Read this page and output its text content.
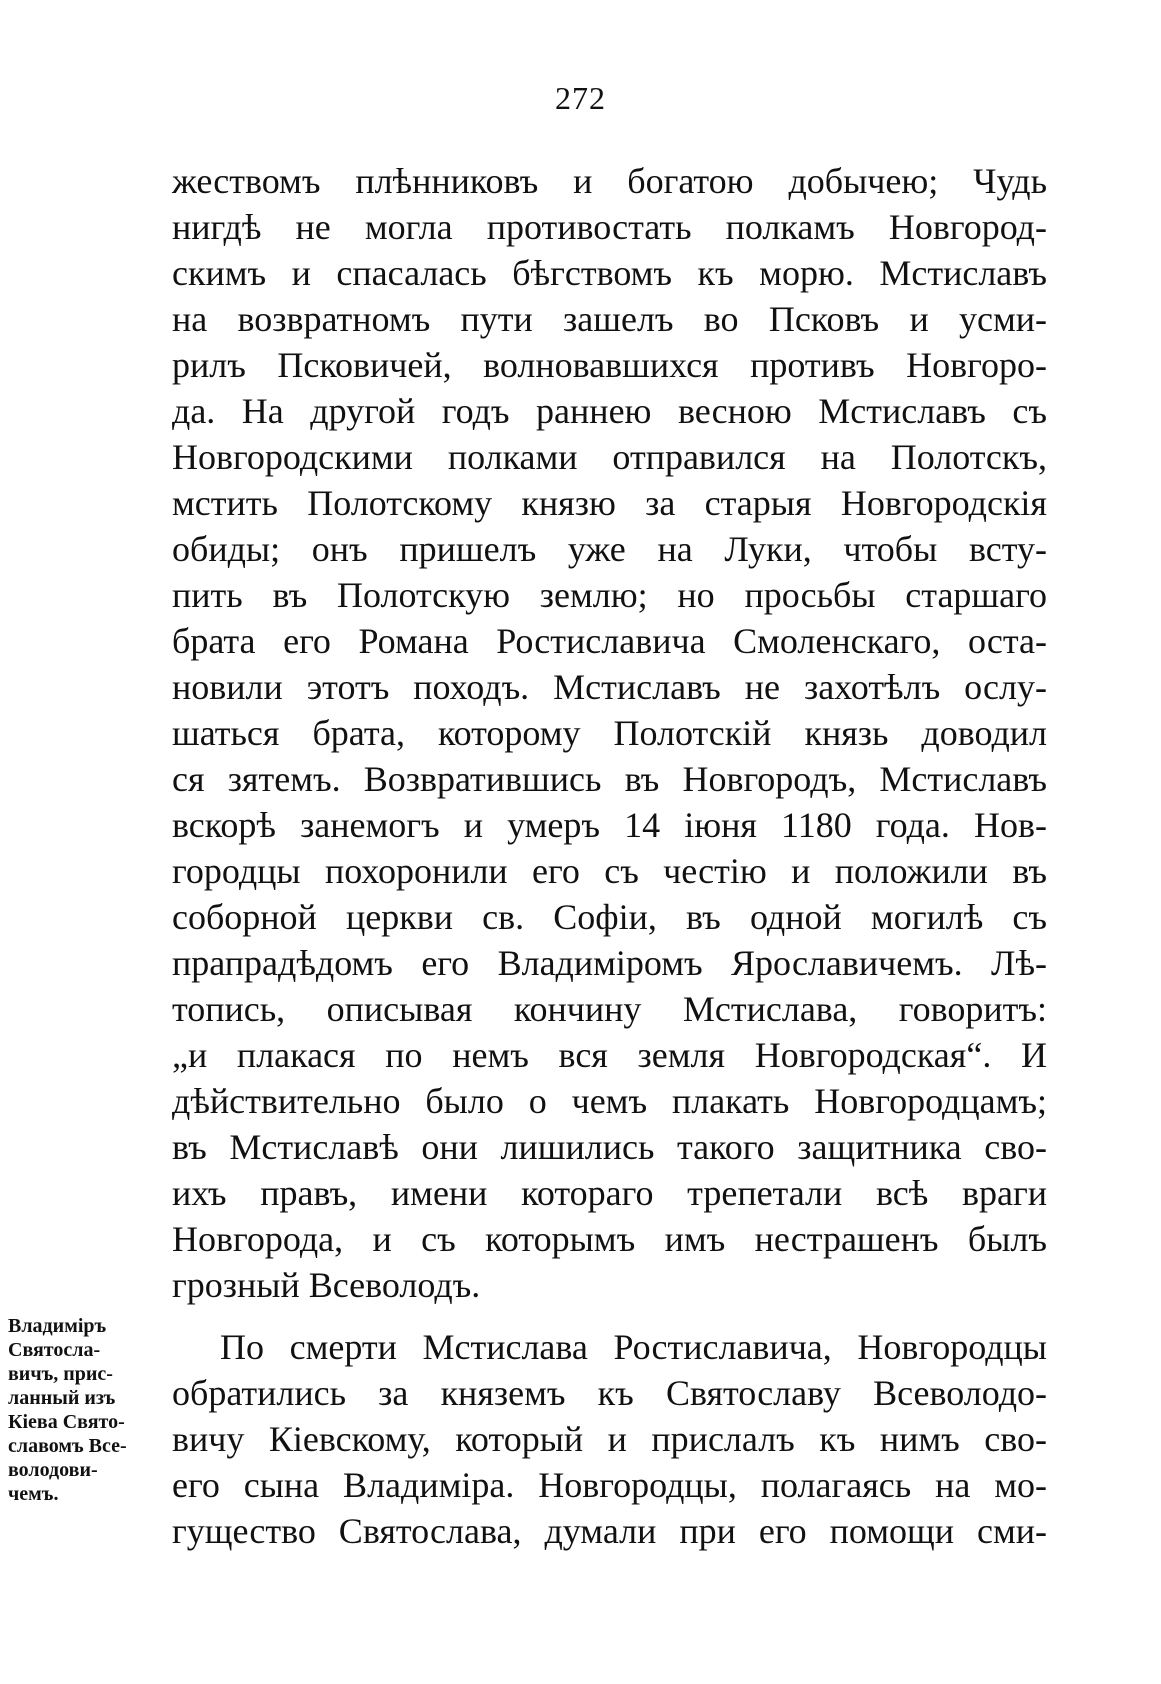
272
жествомъ плѣнниковъ и богатою добычею; Чудь
нигдѣ не могла противостать полкамъ Новгород-
скимъ и спасалась бѣгствомъ къ морю. Мстиславъ
на возвратномъ пути зашелъ во Псковъ и усми-
рилъ Псковичей, волновавшихся противъ Новгоро-
да. На другой годъ раннею весною Мстиславъ съ
Новгородскими полками отправился на Полотскъ,
мстить Полотскому князю за старыя Новгородскія
обиды; онъ пришелъ уже на Луки, чтобы всту-
пить въ Полотскую землю; но просьбы старшаго
брата его Романа Ростиславича Смоленскаго, оста-
новили этотъ походъ. Мстиславъ не захотѣлъ ослу-
шаться брата, которому Полотскій князь доводил
ся зятемъ. Возвратившись въ Новгородъ, Мстиславъ
вскорѣ занемогъ и умеръ 14 іюня 1180 года. Нов-
городцы похоронили его съ честію и положили въ
соборной церкви св. Софіи, въ одной могилѣ съ
прапрадѣдомъ его Владиміромъ Ярославичемъ. Лѣ-
топись, описывая кончину Мстислава, говоритъ:
„и плакася по немъ вся земля Новгородская“. И
дѣйствительно было о чемъ плакать Новгородцамъ;
въ Мстиславѣ они лишились такого защитника сво-
ихъ правъ, имени котораго трепетали всѣ враги
Новгорода, и съ которымъ имъ нестрашенъ былъ
грозный Всеволодъ.
По смерти Мстислава Ростиславича, Новгородцы
обратились за княземъ къ Святославу Всеволодо-
вичу Кіевскому, который и прислалъ къ нимъ сво-
его сына Владиміра. Новгородцы, полагаясь на мо-
гущество Святослава, думали при его помощи сми-
Владиміръ
Святосла-
вичъ, прис-
ланный изъ
Кіева Свято-
славомъ Все-
володови-
чемъ.
